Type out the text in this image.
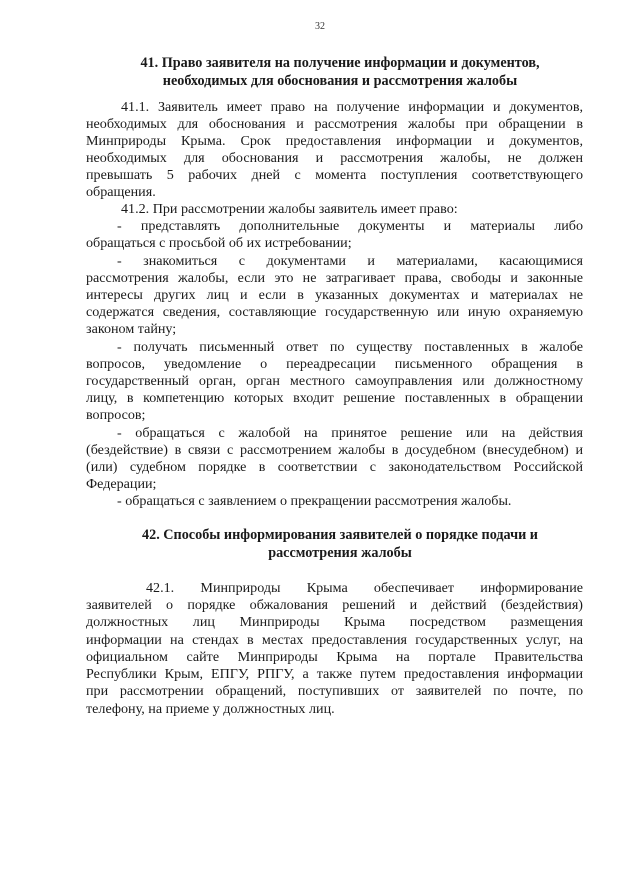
32
41. Право заявителя на получение информации и документов,
необходимых для обоснования и рассмотрения жалобы
41.1. Заявитель имеет право на получение информации и документов,
необходимых для обоснования и рассмотрения жалобы при обращении в
Минприроды Крыма. Срок предоставления информации и документов,
необходимых для обоснования и рассмотрения жалобы, не должен
превышать 5 рабочих дней с момента поступления соответствующего
обращения.
41.2. При рассмотрении жалобы заявитель имеет право:
- представлять дополнительные документы и материалы либо
обращаться с просьбой об их истребовании;
- знакомиться с документами и материалами, касающимися
рассмотрения жалобы, если это не затрагивает права, свободы и законные
интересы других лиц и если в указанных документах и материалах не
содержатся сведения, составляющие государственную или иную охраняемую
законом тайну;
- получать письменный ответ по существу поставленных в жалобе
вопросов, уведомление о переадресации письменного обращения в
государственный орган, орган местного самоуправления или должностному
лицу, в компетенцию которых входит решение поставленных в обращении
вопросов;
- обращаться с жалобой на принятое решение или на действия
(бездействие) в связи с рассмотрением жалобы в досудебном (внесудебном) и
(или) судебном порядке в соответствии с законодательством Российской
Федерации;
- обращаться с заявлением о прекращении рассмотрения жалобы.
42. Способы информирования заявителей о порядке подачи и
рассмотрения жалобы
42.1. Минприроды Крыма обеспечивает информирование
заявителей о порядке обжалования решений и действий (бездействия)
должностных лиц Минприроды Крыма посредством размещения
информации на стендах в местах предоставления государственных услуг, на
официальном сайте Минприроды Крыма на портале Правительства
Республики Крым, ЕПГУ, РПГУ, а также путем предоставления информации
при рассмотрении обращений, поступивших от заявителей по почте, по
телефону, на приеме у должностных лиц.
